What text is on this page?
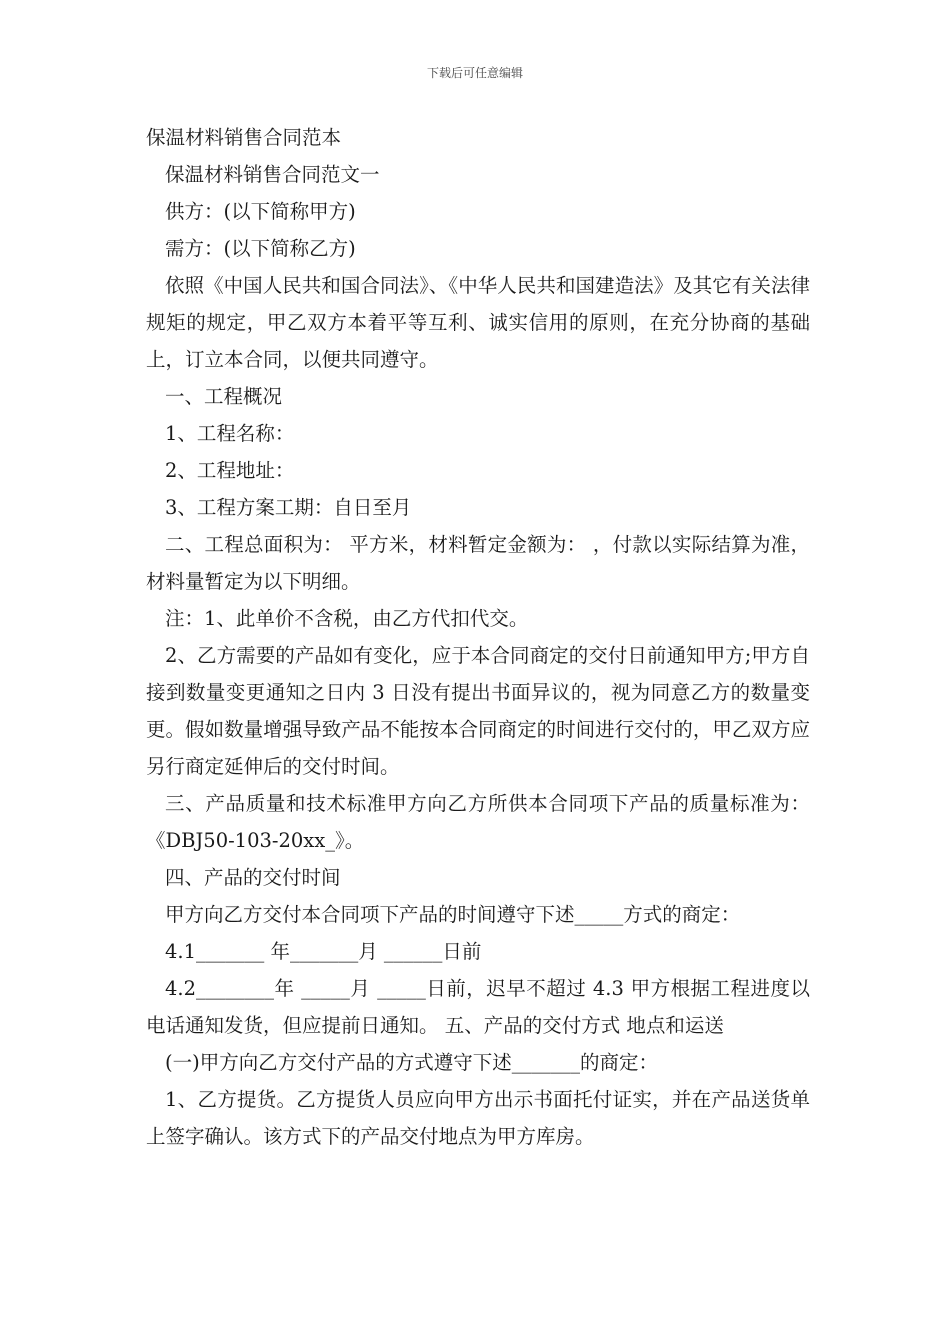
下载后可任意编辑

保温材料销售合同范本

保温材料销售合同范文一

供方：(以下简称甲方)

需方：(以下简称乙方)

依照《中国人民共和国合同法》、《中华人民共和国建造法》及其它有关法律规矩的规定，甲乙双方本着平等互利、诚实信用的原则，在充分协商的基础上，订立本合同，以便共同遵守。

一、工程概况

1、工程名称：

2、工程地址：

3、工程方案工期：自日至月

二、工程总面积为： 平方米，材料暂定金额为： ，付款以实际结算为准，材料量暂定为以下明细。

注：1、此单价不含税，由乙方代扣代交。

2、乙方需要的产品如有变化，应于本合同商定的交付日前通知甲方;甲方自接到数量变更通知之日内 3 日没有提出书面异议的，视为同意乙方的数量变更。假如数量增强导致产品不能按本合同商定的时间进行交付的，甲乙双方应另行商定延伸后的交付时间。

三、产品质量和技术标准甲方向乙方所供本合同项下产品的质量标准为：《DBJ50-103-20xx_》。

四、产品的交付时间

甲方向乙方交付本合同项下产品的时间遵守下述_____方式的商定：

4.1_______ 年_______月 ______日前

4.2________年 _____月 _____日前，迟早不超过 4.3 甲方根据工程进度以电话通知发货，但应提前日通知。 五、产品的交付方式 地点和运送

(一)甲方向乙方交付产品的方式遵守下述_______的商定：

1、乙方提货。乙方提货人员应向甲方出示书面托付证实，并在产品送货单上签字确认。该方式下的产品交付地点为甲方库房。
